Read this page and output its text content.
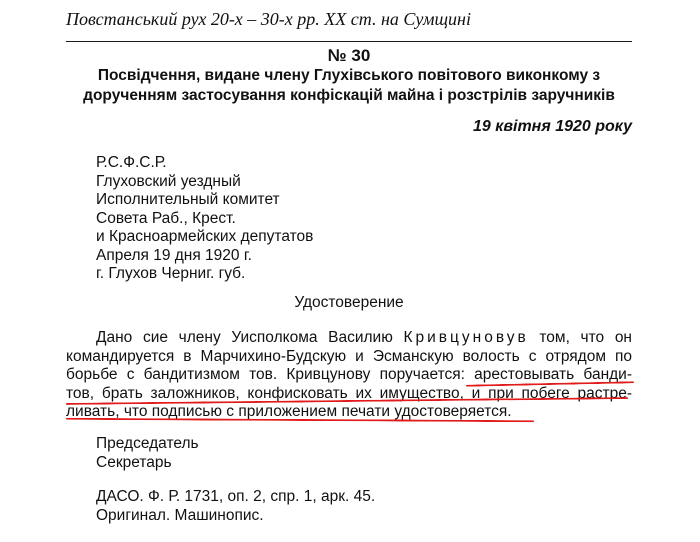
Повстанський рух 20-х – 30-х рр. XX ст. на Сумщині
№ 30
Посвідчення, видане члену Глухівського повітового виконкому з
дорученням застосування конфіскацій майна і розстрілів заручників
19 квітня 1920 року
Р.С.Ф.С.Р.
Глуховский уездный
Исполнительный комитет
Совета Раб., Крест.
и Красноармейских депутатов
Апреля 19 дня 1920 г.
г. Глухов Черниг. губ.
Удостоверение
Дано сие члену Уисполкома Василию Кривцуновув том, что он
командируется в Марчихино-Будскую и Эсманскую волость с отрядом по
борьбе с бандитизмом тов. Кривцунову поручается: арестовывать банди-
тов, брать заложников, конфисковать их имущество, и при побеге растре-
ливать, что подписью с приложением печати удостоверяется.
Председатель
Секретарь
ДАСО. Ф. Р. 1731, оп. 2, спр. 1, арк. 45.
Оригинал. Машинопис.
